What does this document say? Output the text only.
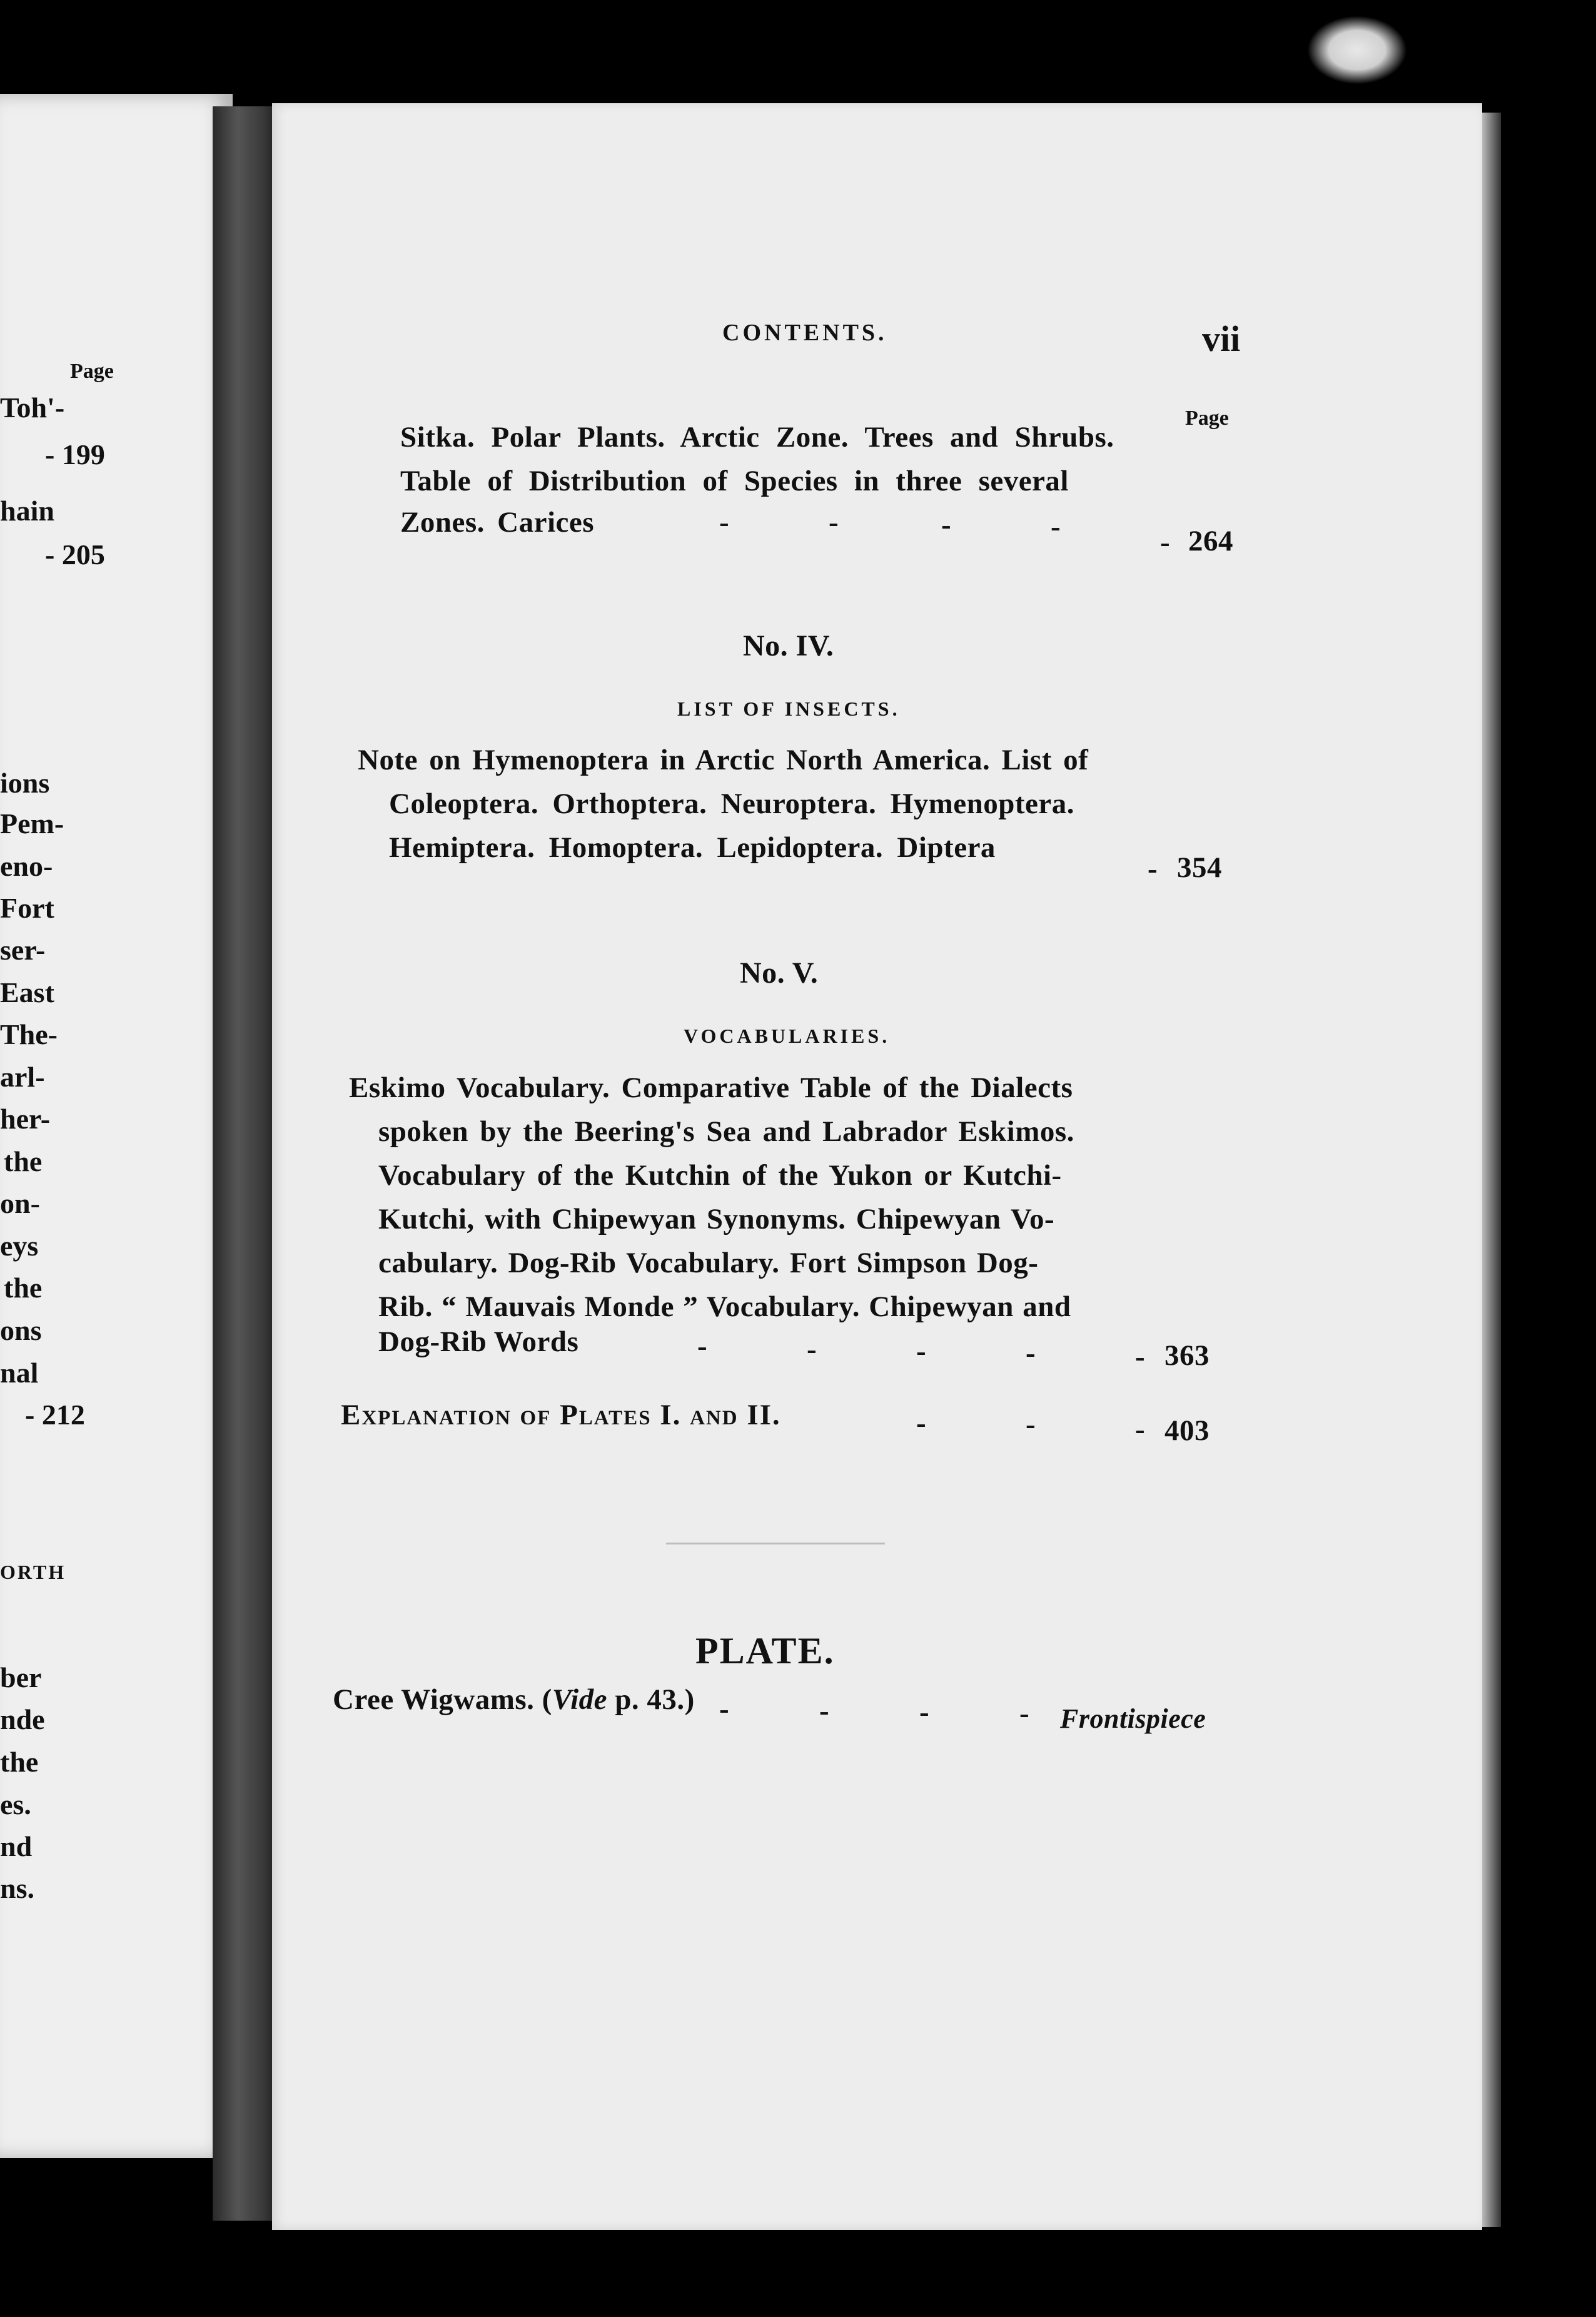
Page
Toh'-
- 199
hain
- 205
ions
Pem-
eno-
Fort
ser-
East
The-
arl-
her-
the
on-
eys
the
ons
nal
- 212
ORTH
ber
nde
the
es.
nd
ns.
CONTENTS.	vii
Page
Sitka. Polar Plants. Arctic Zone. Trees and Shrubs.
Table of Distribution of Species in three several
Zones. Carices	-	-	-	-	- 264
No. IV.
LIST OF INSECTS.
Note on Hymenoptera in Arctic North America. List of
Coleoptera. Orthoptera. Neuroptera. Hymenoptera.
Hemiptera. Homoptera. Lepidoptera. Diptera
- 354
No. V.
VOCABULARIES.
Eskimo Vocabulary. Comparative Table of the Dialects
spoken by the Beering's Sea and Labrador Eskimos.
Vocabulary of the Kutchin of the Yukon or Kutchi-
Kutchi, with Chipewyan Synonyms. Chipewyan Vo-
cabulary. Dog-Rib Vocabulary. Fort Simpson Dog-
Rib. “ Mauvais Monde ” Vocabulary. Chipewyan and
Dog-Rib Words	-	-	-	-	- 363
Explanation of Plates I. and II.	-	-	- 403
PLATE.
Cree Wigwams. (Vide p. 43.) -	-	-	- Frontispiece
